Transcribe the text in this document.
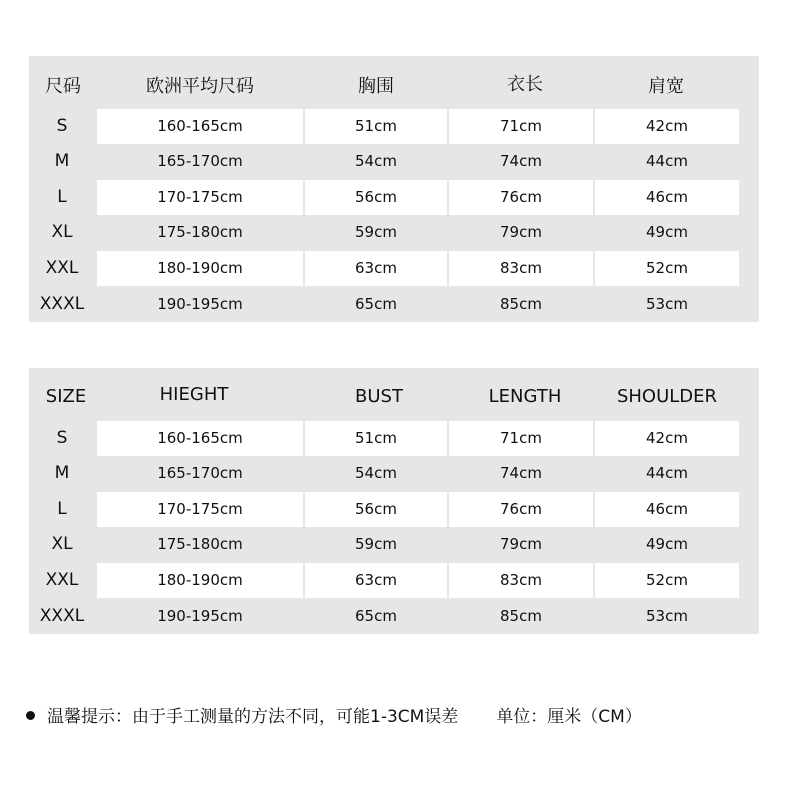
尺码	欧洲平均尺码	胸围	衣长	肩宽
S	160-165cm	51cm	71cm	42cm
M	165-170cm	54cm	74cm	44cm
L	170-175cm	56cm	76cm	46cm
XL	175-180cm	59cm	79cm	49cm
XXL	180-190cm	63cm	83cm	52cm
XXXL	190-195cm	65cm	85cm	53cm
SIZE	HIEGHT	BUST	LENGTH	SHOULDER
S	160-165cm	51cm	71cm	42cm
M	165-170cm	54cm	74cm	44cm
L	170-175cm	56cm	76cm	46cm
XL	175-180cm	59cm	79cm	49cm
XXL	180-190cm	63cm	83cm	52cm
XXXL	190-195cm	65cm	85cm	53cm
温馨提示：由于手工测量的方法不同，可能1-3CM误差 单位：厘米（CM）
